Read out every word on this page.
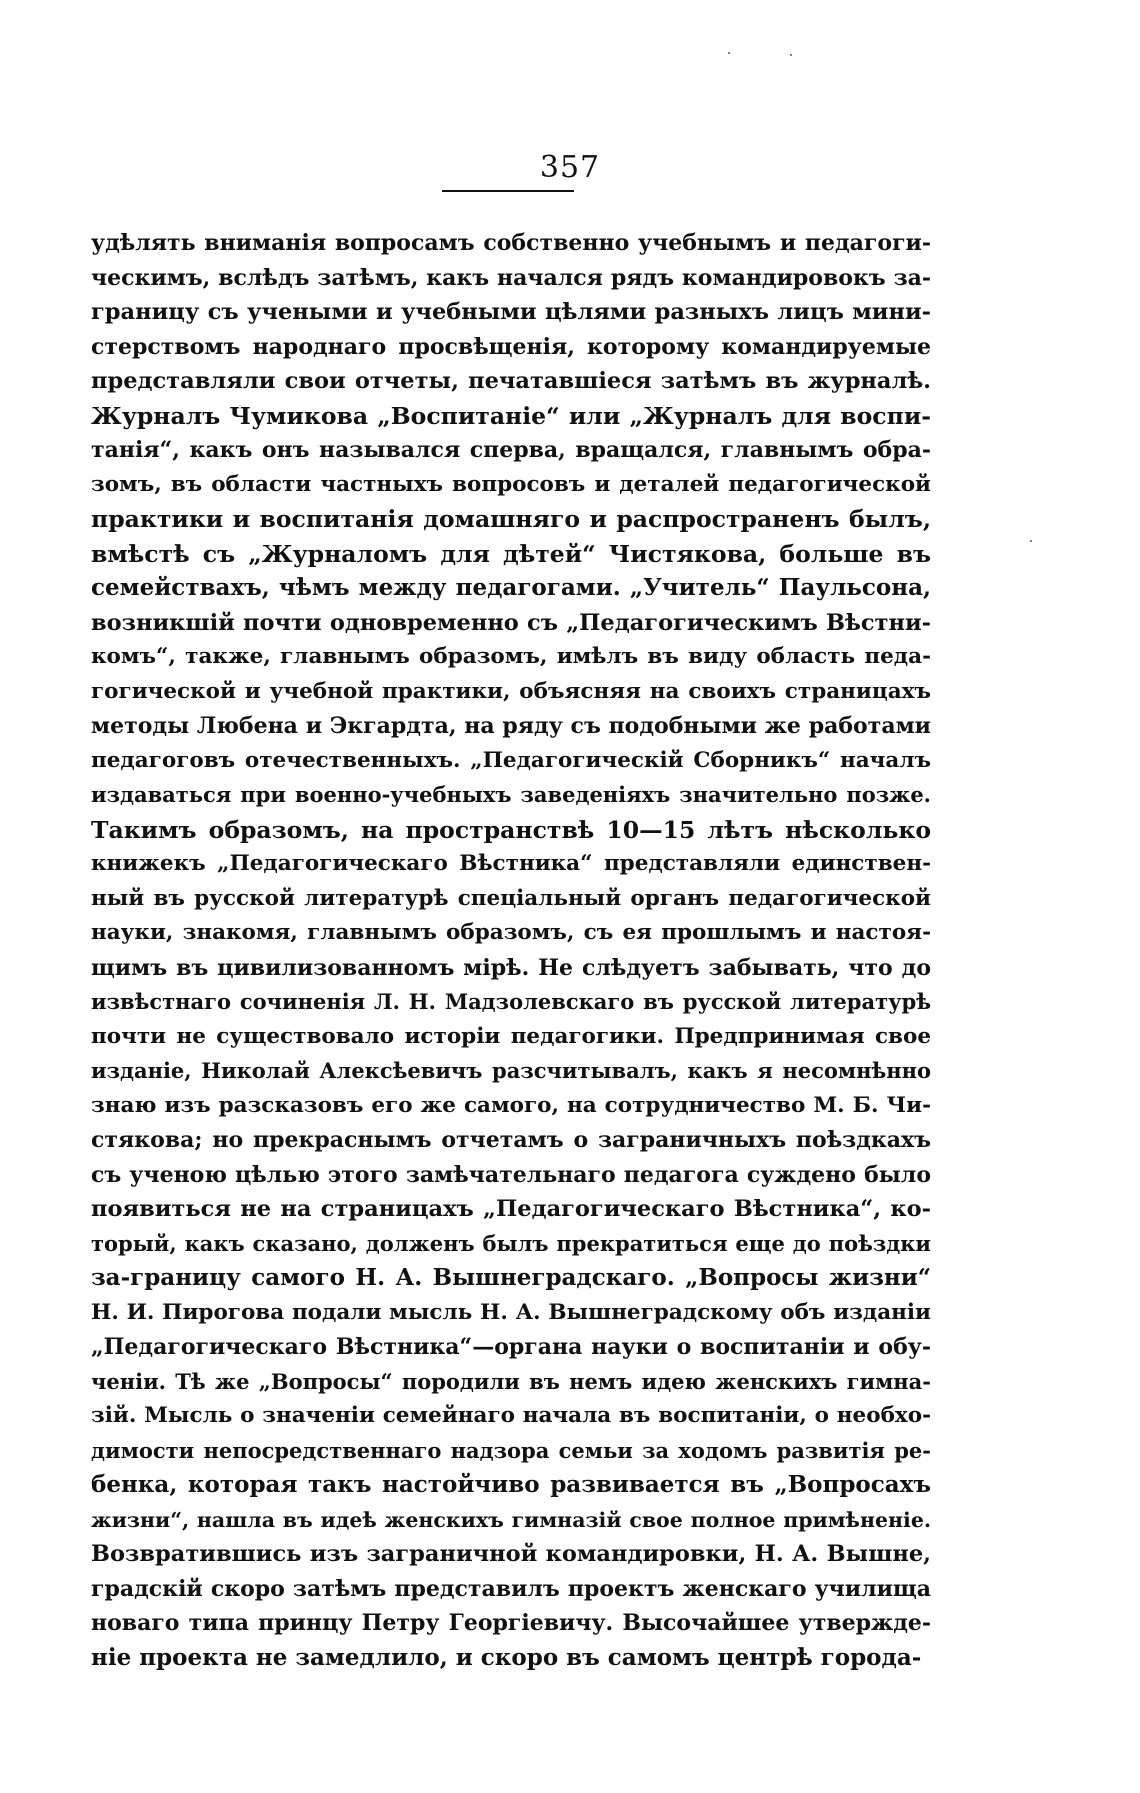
357
удѣлять вниманія вопросамъ собственно учебнымъ и педагоги-
ческимъ, вслѣдъ затѣмъ, какъ начался рядъ командировокъ за-
границу съ учеными и учебными цѣлями разныхъ лицъ мини-
стерствомъ народнаго просвѣщенія, которому командируемые
представляли свои отчеты, печатавшіеся затѣмъ въ журналѣ.
Журналъ Чумикова „Воспитаніе“ или „Журналъ для воспи-
танія“, какъ онъ назывался сперва, вращался, главнымъ обра-
зомъ, въ области частныхъ вопросовъ и деталей педагогической
практики и воспитанія домашняго и распространенъ былъ,
вмѣстѣ съ „Журналомъ для дѣтей“ Чистякова, больше въ
семействахъ, чѣмъ между педагогами. „Учитель“ Паульсона,
возникшій почти одновременно съ „Педагогическимъ Вѣстни-
комъ“, также, главнымъ образомъ, имѣлъ въ виду область педа-
гогической и учебной практики, объясняя на своихъ страницахъ
методы Любена и Экгардта, на ряду съ подобными же работами
педагоговъ отечественныхъ. „Педагогическій Сборникъ“ началъ
издаваться при военно-учебныхъ заведеніяхъ значительно позже.
Такимъ образомъ, на пространствѣ 10—15 лѣтъ нѣсколько
книжекъ „Педагогическаго Вѣстника“ представляли единствен-
ный въ русской литературѣ спеціальный органъ педагогической
науки, знакомя, главнымъ образомъ, съ ея прошлымъ и настоя-
щимъ въ цивилизованномъ мірѣ. Не слѣдуетъ забывать, что до
извѣстнаго сочиненія Л. Н. Мадзолевскаго въ русской литературѣ
почти не существовало исторіи педагогики. Предпринимая свое
изданіе, Николай Алексѣевичъ разсчитывалъ, какъ я несомнѣнно
знаю изъ разсказовъ его же самого, на сотрудничество М. Б. Чи-
стякова; но прекраснымъ отчетамъ о заграничныхъ поѣздкахъ
съ ученою цѣлью этого замѣчательнаго педагога суждено было
появиться не на страницахъ „Педагогическаго Вѣстника“, ко-
торый, какъ сказано, долженъ былъ прекратиться еще до поѣздки
за-границу самого Н. А. Вышнеградскаго. „Вопросы жизни“
Н. И. Пирогова подали мысль Н. А. Вышнеградскому объ изданіи
„Педагогическаго Вѣстника“—органа науки о воспитаніи и обу-
ченіи. Тѣ же „Вопросы“ породили въ немъ идею женскихъ гимна-
зій. Мысль о значеніи семейнаго начала въ воспитаніи, о необхо-
димости непосредственнаго надзора семьи за ходомъ развитія ре-
бенка, которая такъ настойчиво развивается въ „Вопросахъ
жизни“, нашла въ идеѣ женскихъ гимназій свое полное примѣненіе.
Возвратившись изъ заграничной командировки, Н. А. Вышне,
градскій скоро затѣмъ представилъ проектъ женскаго училища
новаго типа принцу Петру Георгіевичу. Высочайшее утвержде-
ніе проекта не замедлило, и скоро въ самомъ центрѣ города-
